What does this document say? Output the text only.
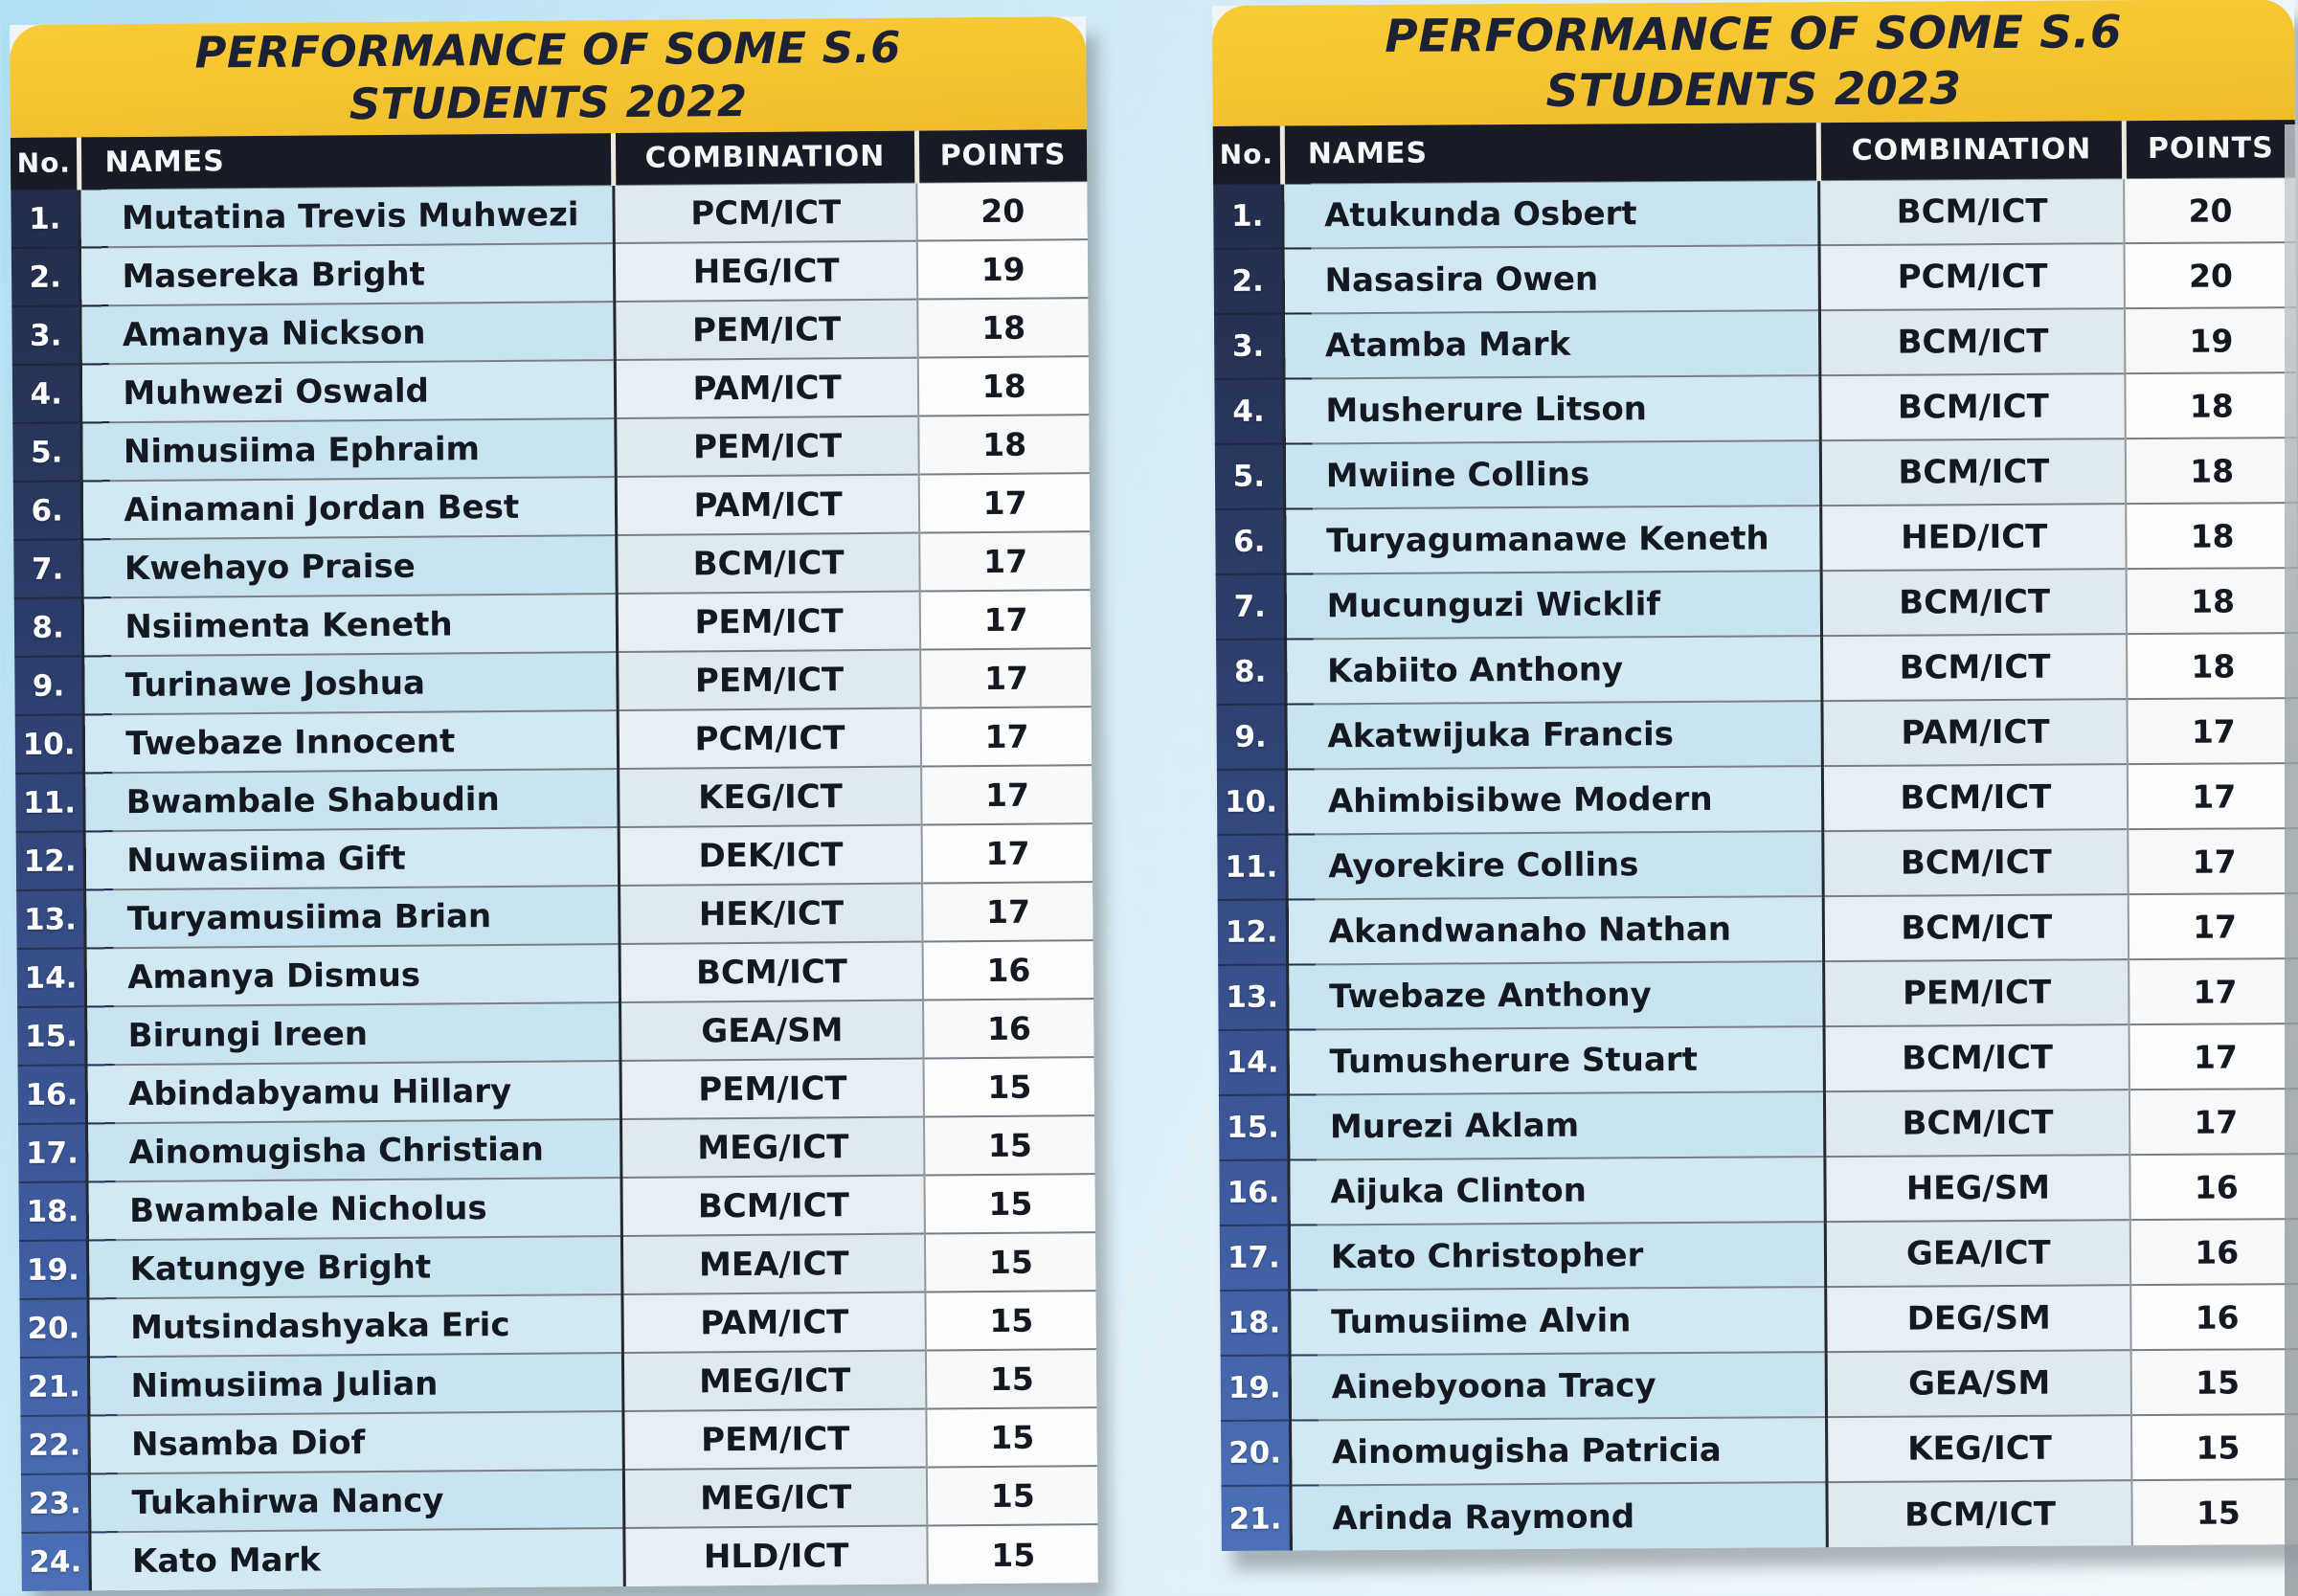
PERFORMANCE OF SOME S.6
STUDENTS 2022
No.	NAMES	COMBINATION	POINTS
1.	Mutatina Trevis Muhwezi	PCM/ICT	20
2.	Masereka Bright	HEG/ICT	19
3.	Amanya Nickson	PEM/ICT	18
4.	Muhwezi Oswald	PAM/ICT	18
5.	Nimusiima Ephraim	PEM/ICT	18
6.	Ainamani Jordan Best	PAM/ICT	17
7.	Kwehayo Praise	BCM/ICT	17
8.	Nsiimenta Keneth	PEM/ICT	17
9.	Turinawe Joshua	PEM/ICT	17
10.	Twebaze Innocent	PCM/ICT	17
11.	Bwambale Shabudin	KEG/ICT	17
12.	Nuwasiima Gift	DEK/ICT	17
13.	Turyamusiima Brian	HEK/ICT	17
14.	Amanya Dismus	BCM/ICT	16
15.	Birungi Ireen	GEA/SM	16
16.	Abindabyamu Hillary	PEM/ICT	15
17.	Ainomugisha Christian	MEG/ICT	15
18.	Bwambale Nicholus	BCM/ICT	15
19.	Katungye Bright	MEA/ICT	15
20.	Mutsindashyaka Eric	PAM/ICT	15
21.	Nimusiima Julian	MEG/ICT	15
22.	Nsamba Diof	PEM/ICT	15
23.	Tukahirwa Nancy	MEG/ICT	15
24.	Kato Mark	HLD/ICT	15
PERFORMANCE OF SOME S.6
STUDENTS 2023
No.	NAMES	COMBINATION	POINTS
1.	Atukunda Osbert	BCM/ICT	20
2.	Nasasira Owen	PCM/ICT	20
3.	Atamba Mark	BCM/ICT	19
4.	Musherure Litson	BCM/ICT	18
5.	Mwiine Collins	BCM/ICT	18
6.	Turyagumanawe Keneth	HED/ICT	18
7.	Mucunguzi Wicklif	BCM/ICT	18
8.	Kabiito Anthony	BCM/ICT	18
9.	Akatwijuka Francis	PAM/ICT	17
10.	Ahimbisibwe Modern	BCM/ICT	17
11.	Ayorekire Collins	BCM/ICT	17
12.	Akandwanaho Nathan	BCM/ICT	17
13.	Twebaze Anthony	PEM/ICT	17
14.	Tumusherure Stuart	BCM/ICT	17
15.	Murezi Aklam	BCM/ICT	17
16.	Aijuka Clinton	HEG/SM	16
17.	Kato Christopher	GEA/ICT	16
18.	Tumusiime Alvin	DEG/SM	16
19.	Ainebyoona Tracy	GEA/SM	15
20.	Ainomugisha Patricia	KEG/ICT	15
21.	Arinda Raymond	BCM/ICT	15
